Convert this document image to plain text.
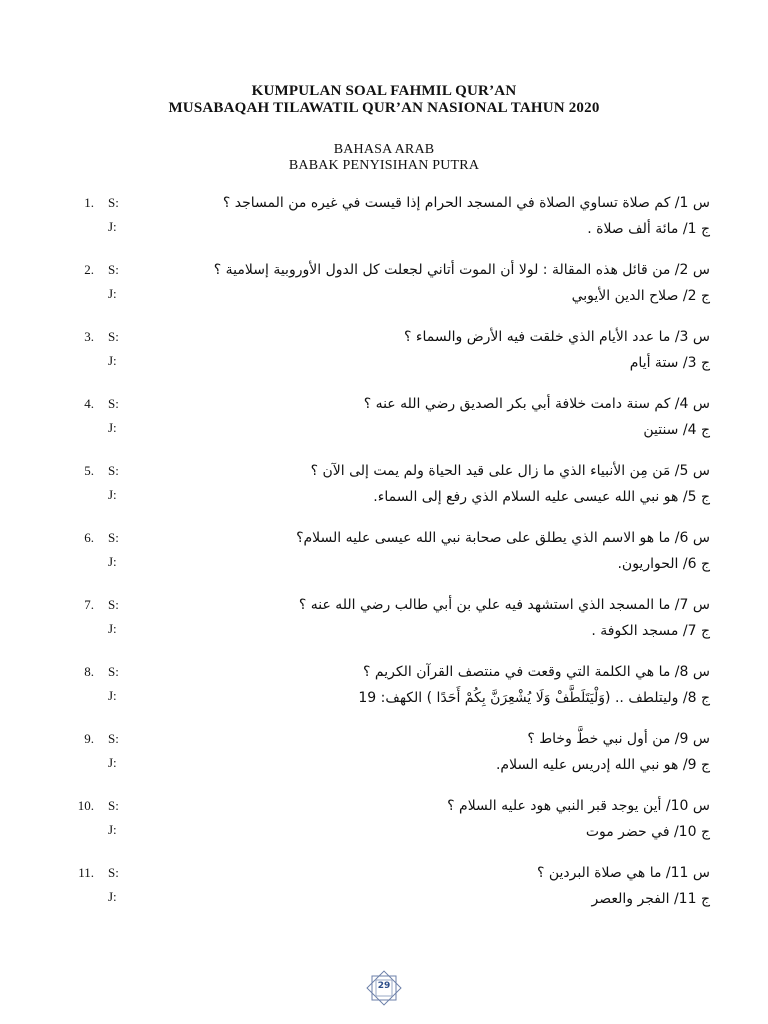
KUMPULAN SOAL FAHMIL QUR’AN
MUSABAQAH TILAWATIL QUR’AN NASIONAL TAHUN 2020
BAHASA ARAB
BABAK PENYISIHAN PUTRA
1. S:
J:
س 1/ كم صلاة تساوي الصلاة في المسجد الحرام إذا قيست في غيره من المساجد ؟
ج 1/ مائة ألف صلاة .
2. S:
J:
س 2/ من قائل هذه المقالة : لولا أن الموت أتاني لجعلت كل الدول الأوروبية إسلامية ؟
ج 2/ صلاح الدين الأيوبي
3. S:
J:
س 3/ ما عدد الأيام الذي خلقت فيه الأرض والسماء ؟
ج 3/ ستة أيام
4. S:
J:
س 4/ كم سنة دامت خلافة أبي بكر الصديق رضي الله عنه ؟
ج 4/ سنتين
5. S:
J:
س 5/ مَن مِن الأنبياء الذي ما زال على قيد الحياة ولم يمت إلى الآن ؟
ج 5/ هو نبي الله عيسى عليه السلام الذي رفع إلى السماء.
6. S:
J:
س 6/ ما هو الاسم الذي يطلق على صحابة نبي الله عيسى عليه السلام؟
ج 6/ الحواريون.
7. S:
J:
س 7/ ما المسجد الذي استشهد فيه علي بن أبي طالب رضي الله عنه ؟
ج 7/ مسجد الكوفة .
8. S:
J:
س 8/ ما هي الكلمة التي وقعت في منتصف القرآن الكريم ؟
ج 8/ وليتلطف .. (وَلْيَتَلَطَّفْ وَلَا يُشْعِرَنَّ بِكُمْ أَحَدًا ) الكهف: 19
9. S:
J:
س 9/ من أول نبي خطَّ وخاط ؟
ج 9/ هو نبي الله إدريس عليه السلام.
10. S:
J:
س 10/ أين يوجد قبر النبي هود عليه السلام ؟
ج 10/ في حضر موت
11. S:
J:
س 11/ ما هي صلاة البردين ؟
ج 11/ الفجر والعصر
29
